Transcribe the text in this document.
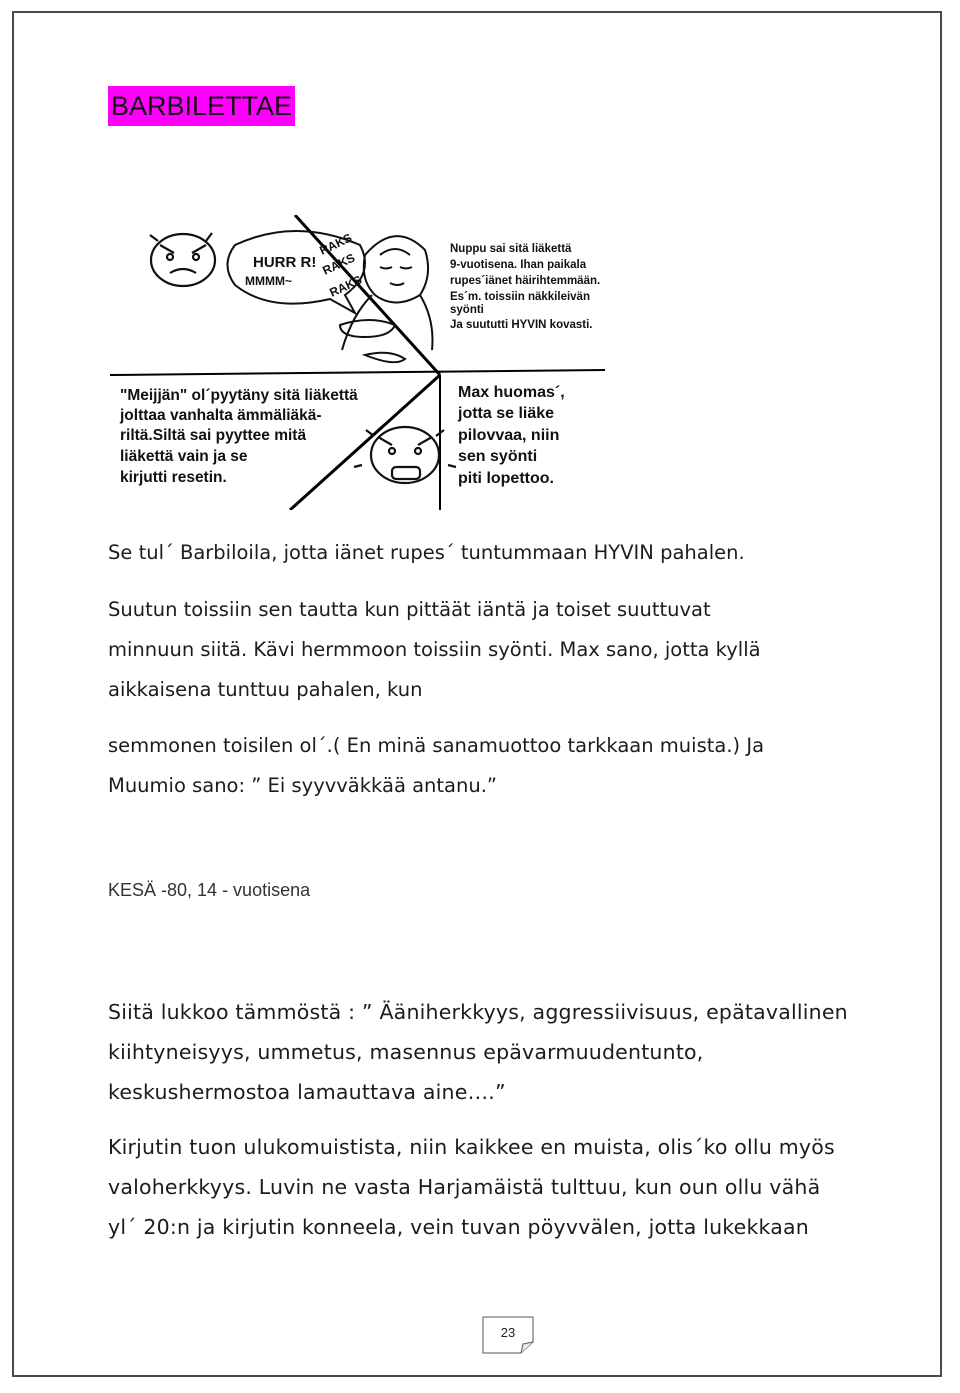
BARBILETTAE
HURR R!
MMMM~
RAKS
RAKS
RAKS
Nuppu sai sitä liäkettä
9-vuotisena. Ihan paikala
rupes´iänet häirihtemmään.
Es´m. toissiin näkkileivän
syönti
Ja suututti HYVIN kovasti.
"Meijjän" ol´pyytäny sitä liäkettä
jolttaa vanhalta ämmäliäkä-
riltä.Siltä sai pyyttee mitä
liäkettä vain ja se
kirjutti resetin.
Max huomas´,
jotta se liäke
pilovvaa, niin
sen syönti
piti lopettoo.
Se tul´ Barbiloila, jotta iänet rupes´ tuntummaan HYVIN pahalen.
Suutun toissiin sen tautta kun pittäät iäntä ja toiset suuttuvat
minnuun siitä. Kävi hermmoon toissiin syönti. Max sano, jotta kyllä
aikkaisena tunttuu pahalen, kun
semmonen toisilen ol´.( En minä sanamuottoo tarkkaan muista.) Ja
Muumio sano: ” Ei syyvväkkää antanu.”
KESÄ -80, 14 - vuotisena
Siitä lukkoo tämmöstä : ” Ääniherkkyys, aggressiivisuus, epätavallinen
kiihtyneisyys, ummetus, masennus epävarmuudentunto,
keskushermostoa lamauttava aine….”
Kirjutin tuon ulukomuistista, niin kaikkee en muista, olis´ko ollu myös
valoherkkyys. Luvin ne vasta Harjamäistä tulttuu, kun oun ollu vähä
yl´ 20:n ja kirjutin konneela, vein tuvan pöyvvälen, jotta lukekkaan
23
